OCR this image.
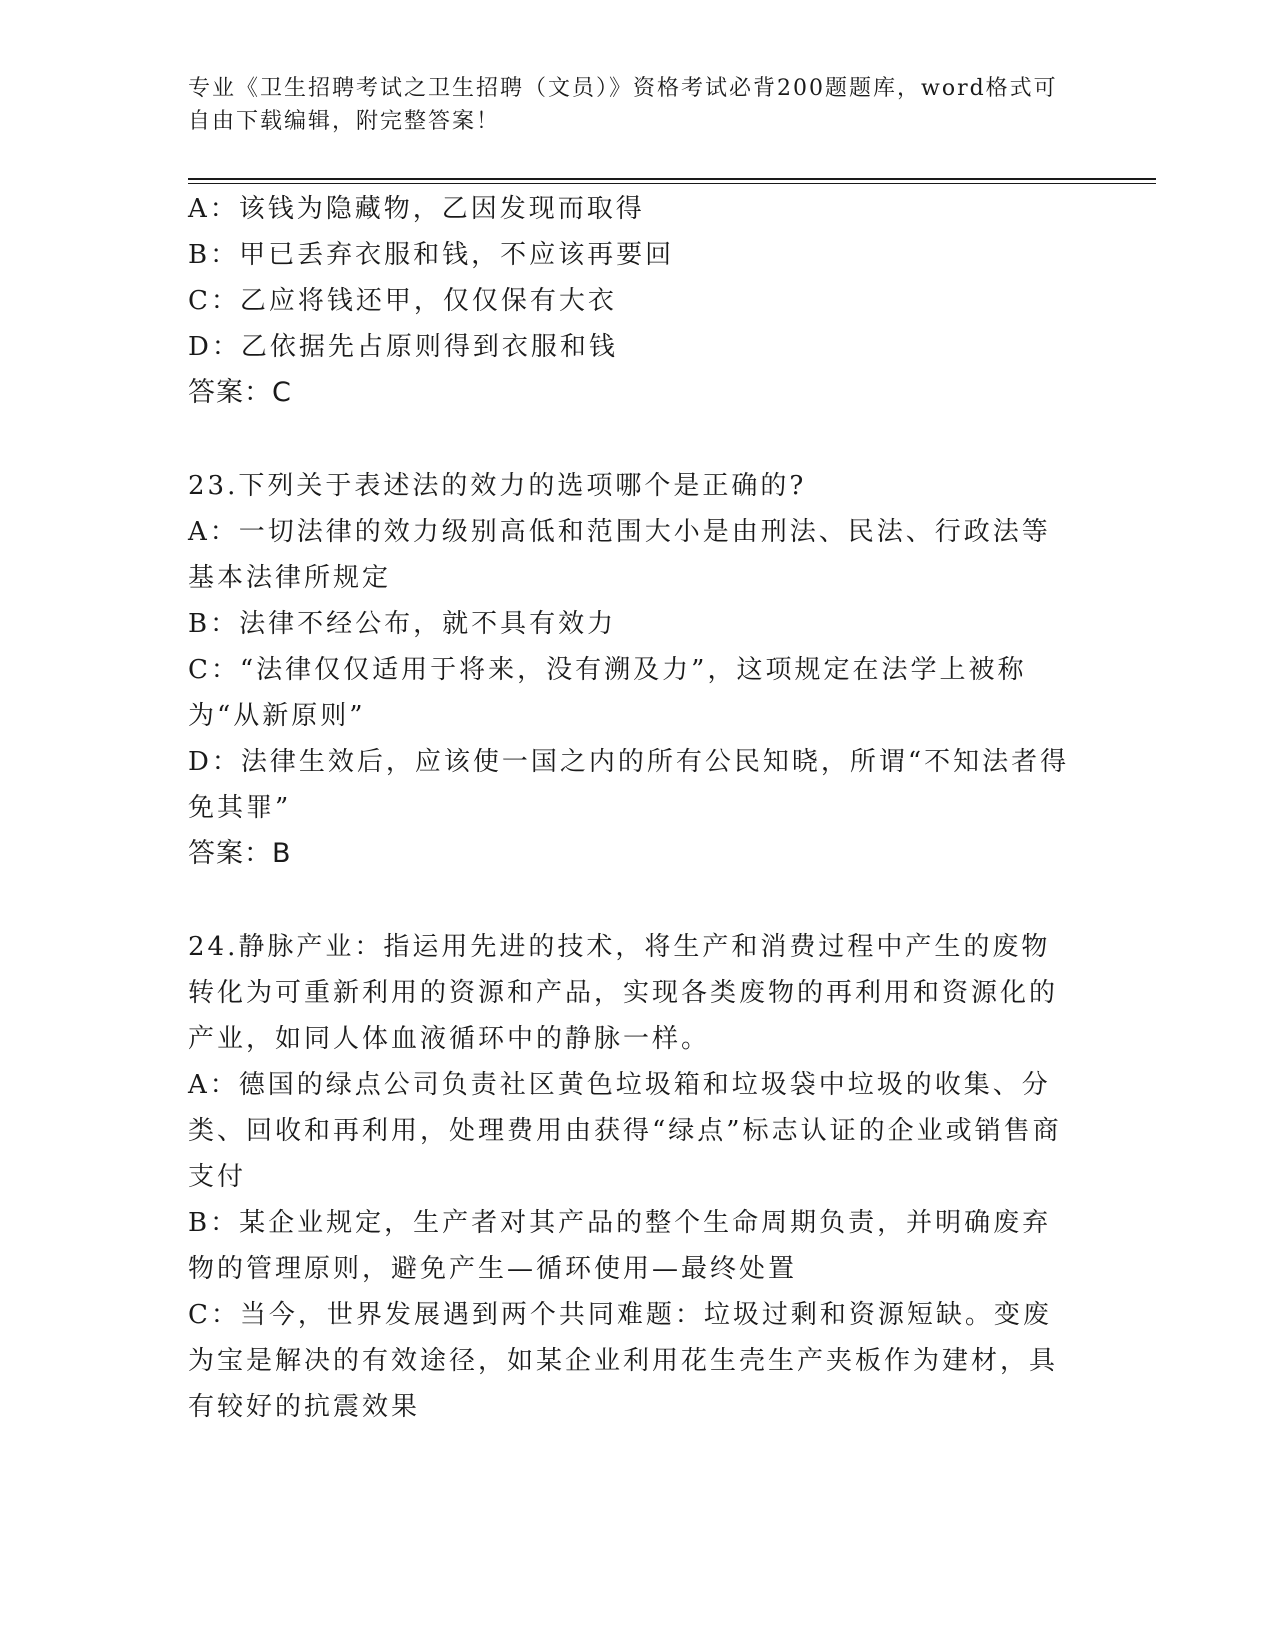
专业《卫生招聘考试之卫生招聘（文员）》资格考试必背200题题库，word格式可自由下载编辑，附完整答案！

A：该钱为隐藏物，乙因发现而取得

B：甲已丢弃衣服和钱，不应该再要回

C：乙应将钱还甲，仅仅保有大衣

D：乙依据先占原则得到衣服和钱

答案：C

23.下列关于表述法的效力的选项哪个是正确的?

A：一切法律的效力级别高低和范围大小是由刑法、民法、行政法等基本法律所规定

B：法律不经公布，就不具有效力

C：“法律仅仅适用于将来，没有溯及力”，这项规定在法学上被称为“从新原则”

D：法律生效后，应该使一国之内的所有公民知晓，所谓“不知法者得免其罪”

答案：B

24.静脉产业：指运用先进的技术，将生产和消费过程中产生的废物转化为可重新利用的资源和产品，实现各类废物的再利用和资源化的产业，如同人体血液循环中的静脉一样。

A：德国的绿点公司负责社区黄色垃圾箱和垃圾袋中垃圾的收集、分类、回收和再利用，处理费用由获得“绿点”标志认证的企业或销售商支付

B：某企业规定，生产者对其产品的整个生命周期负责，并明确废弃物的管理原则，避免产生—循环使用—最终处置

C：当今，世界发展遇到两个共同难题：垃圾过剩和资源短缺。变废为宝是解决的有效途径，如某企业利用花生壳生产夹板作为建材，具有较好的抗震效果
